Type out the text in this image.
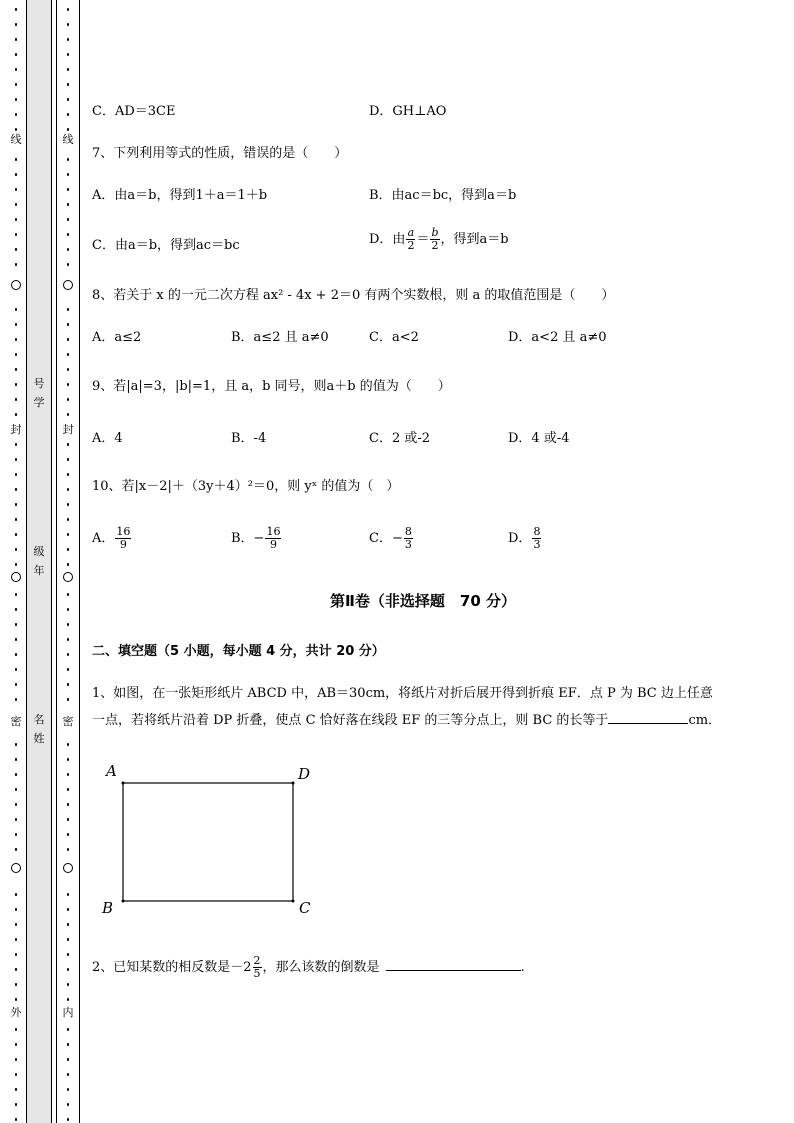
线
封
密
外
号
学
级
年
名
姓
线
封
密
内
C．AD＝3CE	D．GH⊥AO
7、下列利用等式的性质，错误的是（　　）
A．由a＝b，得到1＋a＝1＋b	B．由ac＝bc，得到a＝b
C．由a＝b，得到ac＝bc	D．由 $\frac{a}{2} = \frac{b}{2}$ ，得到a＝b
8、若关于 x 的一元二次方程 ax² - 4x + 2＝0 有两个实数根，则 a 的取值范围是（　　）
A．a≤2	B．a≤2 且 a≠0	C．a<2	D．a<2 且 a≠0
9、若|a|=3，|b|=1，且 a，b 同号，则a＋b 的值为（　　）
A．4	B．-4	C．2 或-2	D．4 或-4
10、若|x－2|＋（3y＋4）²＝0，则 yˣ 的值为（　）
A． $\frac{16}{9}$	B．− $\frac{16}{9}$	C．− $\frac{8}{3}$	D． $\frac{8}{3}$
第Ⅱ卷（非选择题　70 分）
二、填空题（5 小题，每小题 4 分，共计 20 分）
1、如图，在一张矩形纸片 ABCD 中，AB＝30cm，将纸片对折后展开得到折痕 EF．点 P 为 BC 边上任意
一点，若将纸片沿着 DP 折叠，使点 C 恰好落在线段 EF 的三等分点上，则 BC 的长等于	cm．
2、已知某数的相反数是$-2 \frac{2}{5}$ ，那么该数的倒数是	.
A	D
B	C
